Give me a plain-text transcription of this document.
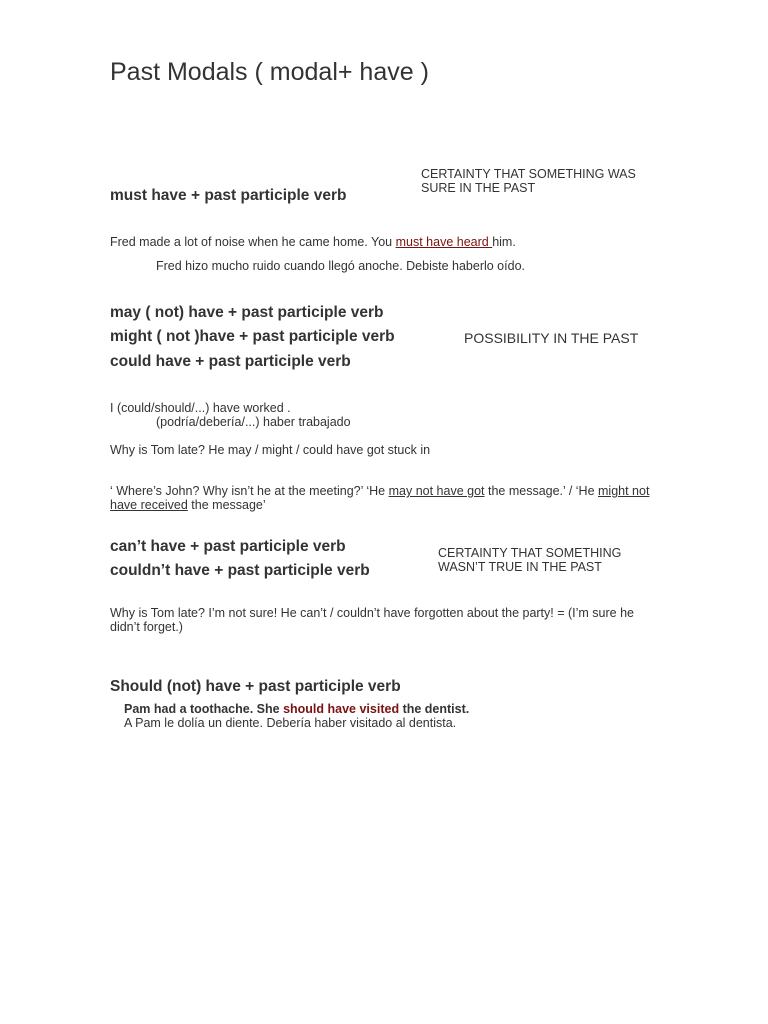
Past Modals ( modal+ have )
CERTAINTY THAT SOMETHING WAS
SURE IN THE PAST
must have + past participle verb
Fred made a lot of noise when he came home. You must have heard him.
Fred hizo mucho ruido cuando llegó anoche. Debiste haberlo oído.
may ( not) have + past participle verb
might ( not )have + past participle verb
could have + past participle verb
POSSIBILITY IN THE PAST
I (could/should/...) have worked .
(podría/debería/...) haber trabajado
Why is Tom late? He may / might / could have got stuck in
‘ Where’s John? Why isn’t he at the meeting?’ ‘He may not have got the message.’ / ‘He might not
have received the message’
can’t have + past participle verb
couldn’t have + past participle verb
CERTAINTY THAT SOMETHING
WASN’T TRUE IN THE PAST
Why is Tom late? I’m not sure! He can’t / couldn’t have forgotten about the party! = (I’m sure he
didn’t forget.)
Should (not) have + past participle verb
Pam had a toothache. She should have visited the dentist.
A Pam le dolía un diente. Debería haber visitado al dentista.
